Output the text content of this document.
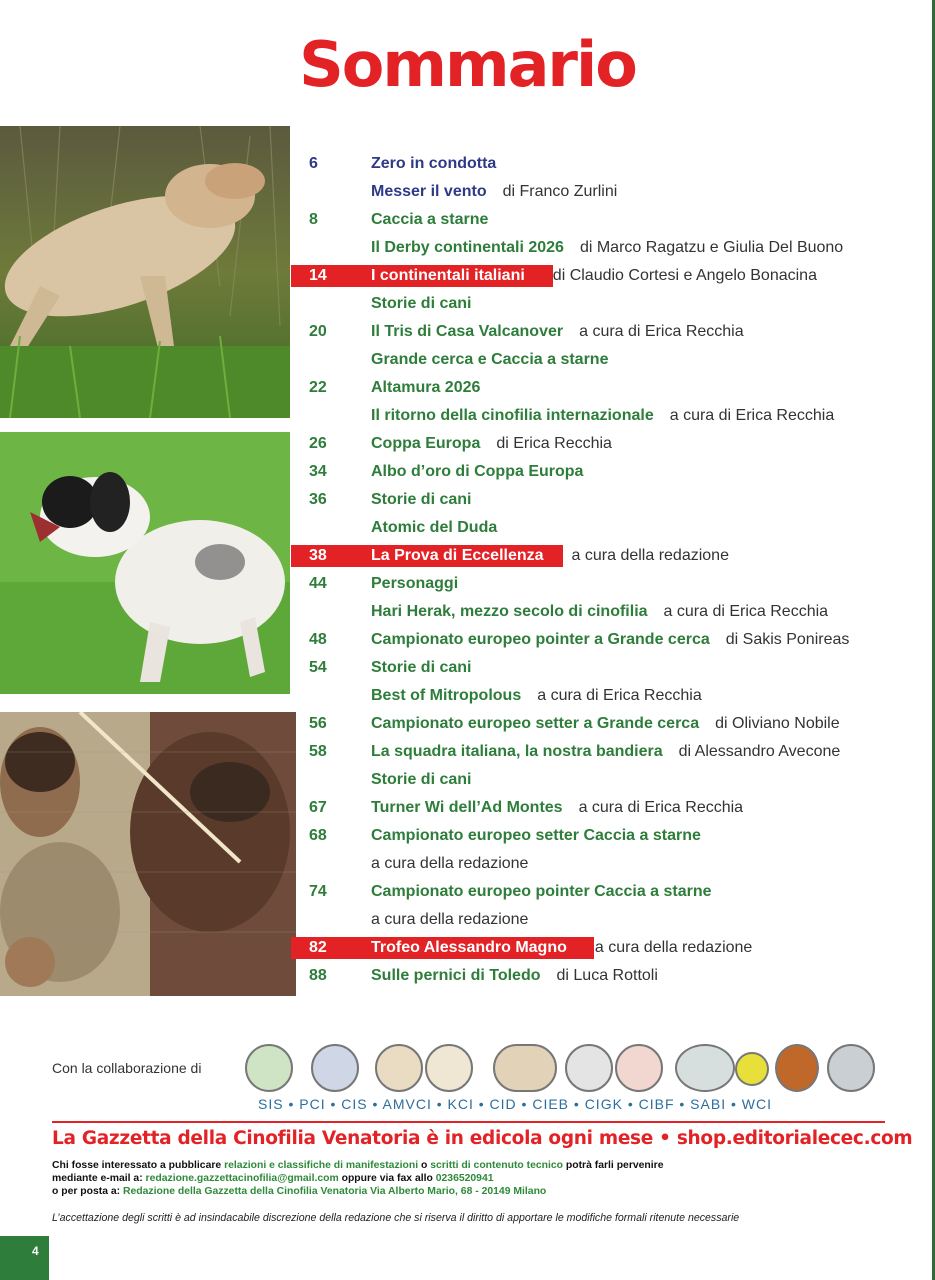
Sommario
6	Zero in condotta
Messer il vento di Franco Zurlini
8	Caccia a starne
Il Derby continentali 2026 di Marco Ragatzu e Giulia Del Buono
14	I continentali italiani di Claudio Cortesi e Angelo Bonacina
Storie di cani
20	Il Tris di Casa Valcanover a cura di Erica Recchia
Grande cerca e Caccia a starne
22	Altamura 2026
Il ritorno della cinofilia internazionale a cura di Erica Recchia
26	Coppa Europa di Erica Recchia
34	Albo d’oro di Coppa Europa
36	Storie di cani
Atomic del Duda
38	La Prova di Eccellenza a cura della redazione
44	Personaggi
Hari Herak, mezzo secolo di cinofilia a cura di Erica Recchia
48	Campionato europeo pointer a Grande cerca di Sakis Ponireas
54	Storie di cani
Best of Mitropolous a cura di Erica Recchia
56	Campionato europeo setter a Grande cerca di Oliviano Nobile
58	La squadra italiana, la nostra bandiera di Alessandro Avecone
Storie di cani
67	Turner Wi dell’Ad Montes a cura di Erica Recchia
68	Campionato europeo setter Caccia a starne
a cura della redazione
74	Campionato europeo pointer Caccia a starne
a cura della redazione
82	Trofeo Alessandro Magno a cura della redazione
88	Sulle pernici di Toledo di Luca Rottoli
Con la collaborazione di
SIS • PCI • CIS • AMVCI • KCI • CID • CIEB • CIGK • CIBF • SABI • WCI
La Gazzetta della Cinofilia Venatoria è in edicola ogni mese • shop.editorialecec.com
Chi fosse interessato a pubblicare relazioni e classifiche di manifestazioni o scritti di contenuto tecnico potrà farli pervenire
mediante e-mail a: redazione.gazzettacinofilia@gmail.com oppure via fax allo 0236520941
o per posta a: Redazione della Gazzetta della Cinofilia Venatoria Via Alberto Mario, 68 - 20149 Milano
L’accettazione degli scritti è ad insindacabile discrezione della redazione che si riserva il diritto di apportare le modifiche formali ritenute necessarie
4
